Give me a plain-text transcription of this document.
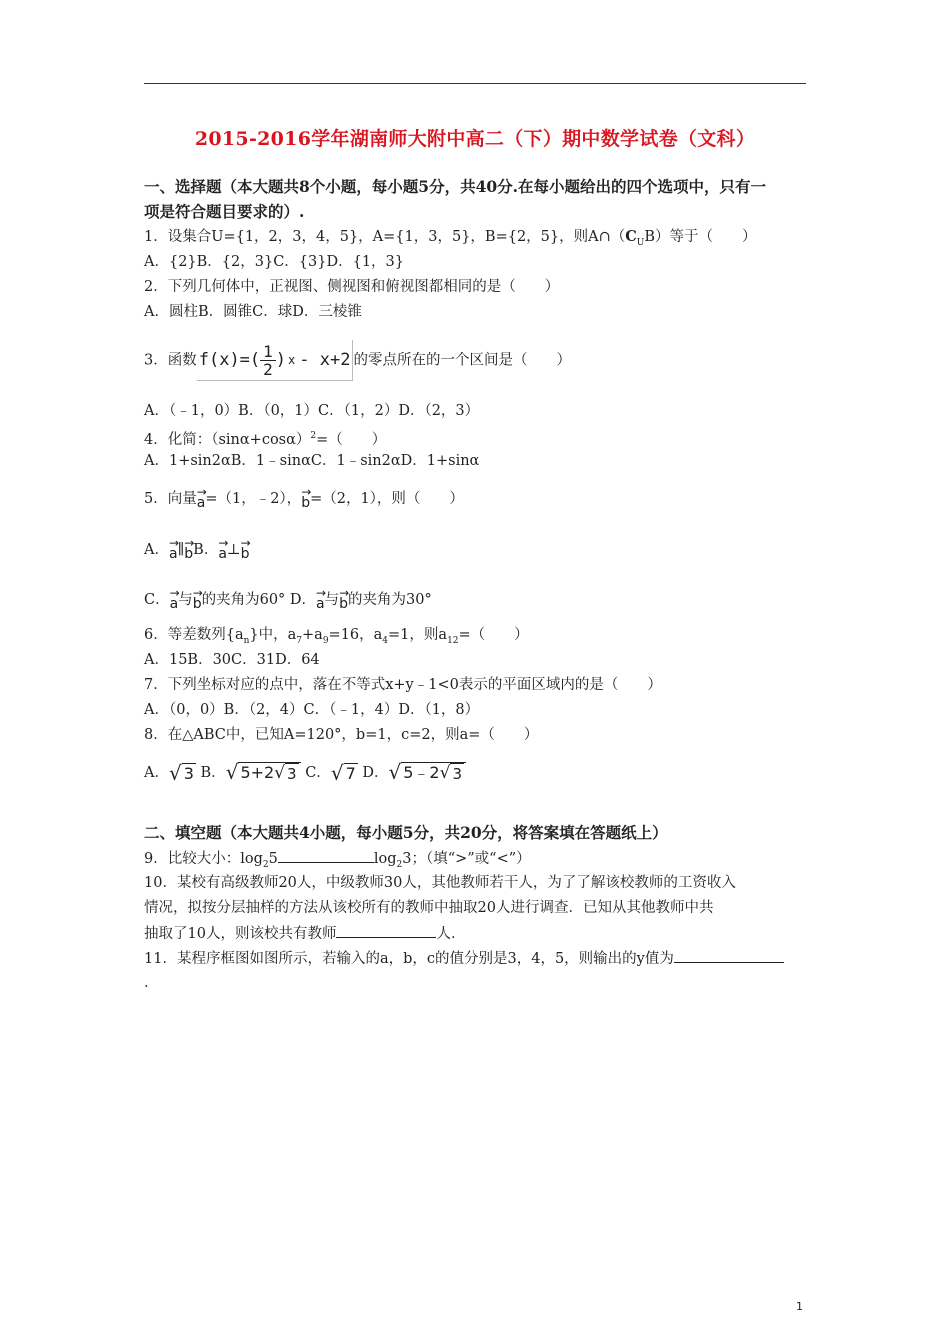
2015-2016学年湖南师大附中高二（下）期中数学试卷（文科）
一、选择题（本大题共8个小题，每小题5分，共40分.在每小题给出的四个选项中，只有一
项是符合题目要求的）.
1．设集合U={1，2，3，4，5}，A={1，3，5}，B={2，5}，则$A\cap(C_UB)$等于（　　）
A．{2}B．{2，3}C．{3}D．{1，3}
2．下列几何体中，正视图、侧视图和俯视图都相同的是（　　）
A．圆柱B．圆锥C．球D．三棱锥
3．函数 $f(x)=( \frac{1}{2}$ ) x - x+2 的零点所在的一个区间是（　　）
A．（﹣1，0）B．（0，1）C．（1，2）D．（2，3）
4．化简：$(\sin\alpha+\cos\alpha)^2=$（　　）
A．1+sin2αB．1﹣sinαC．1﹣sin2αD．1+sinα
5．向量→ a=（1，﹣2），→ b=（2，1），则（　　）
A．→ a∥→ bB．→ a⊥→ b
C．→ a与→ b的夹角为60° D．→ a与→ b的夹角为30°
6．等差数列$\{a_n\}$中，$a_7+a_9=16$，$a_4=1$，则$a_{12}=$（　　）
A．15B．30C．31D．64
7．下列坐标对应的点中，落在不等式x+y﹣1<0表示的平面区域内的是（　　）
A．（0，0）B．（2，4）C．（﹣1，4）D．（1，8）
8．在△ABC中，已知A=120°，b=1，c=2，则a=（　　）
A． √ 3 B． √ 5+2 √ 3 C． √ 7 D． √ 5﹣2 √ 3
二、填空题（本大题共4小题，每小题5分，共20分，将答案填在答题纸上）
9．比较大小：$\log_25$	$\log_23$；（填“>”或“<”）
10．某校有高级教师20人，中级教师30人，其他教师若干人，为了了解该校教师的工资收入
情况，拟按分层抽样的方法从该校所有的教师中抽取20人进行调查．已知从其他教师中共
抽取了10人，则该校共有教师	人．
11．某程序框图如图所示，若输入的a，b，c的值分别是3，4，5，则输出的y值为
．
1
